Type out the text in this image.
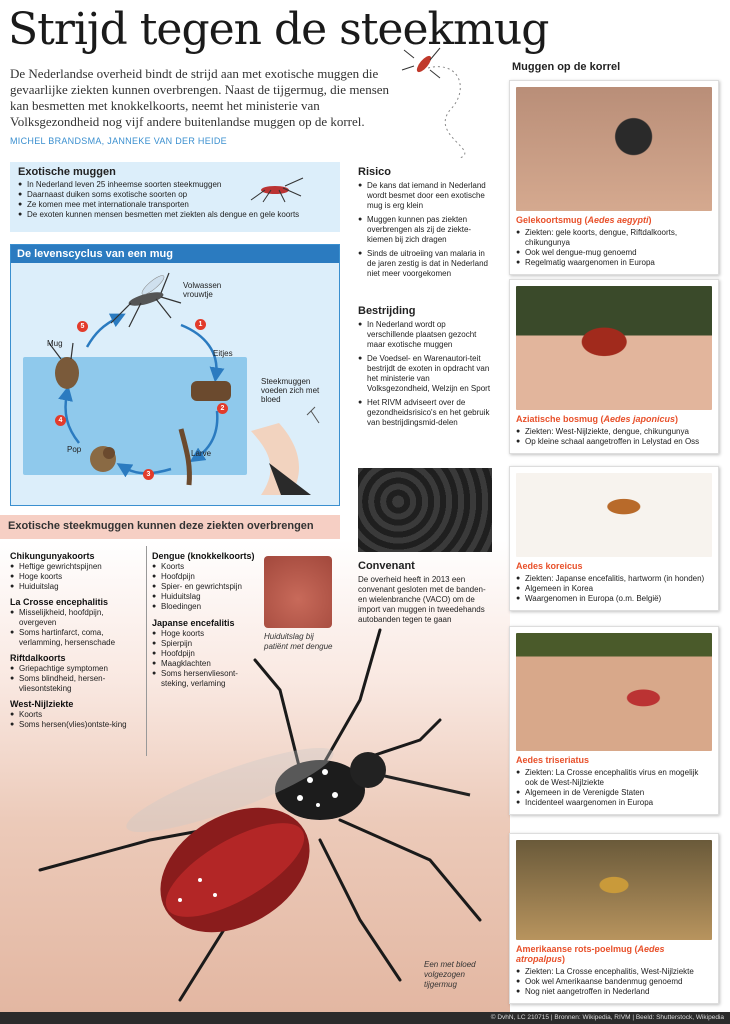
Strijd tegen de steekmug

De Nederlandse overheid bindt de strijd aan met exotische muggen die gevaarlijke ziekten kunnen overbrengen. Naast de tijgermug, die mensen kan besmetten met knokkelkoorts, neemt het ministerie van Volksgezondheid nog vijf andere buitenlandse muggen op de korrel.

MICHEL BRANDSMA, JANNEKE VAN DER HEIDE
Exotische muggen
● In Nederland leven 25 inheemse soorten steekmuggen
● Daarnaast duiken soms exotische soorten op
● Ze komen mee met internationale transporten
● De exoten kunnen mensen besmetten met ziekten als dengue en gele koorts
De levenscyclus van een mug
Volwassen vrouwtje
Eitjes
Larve
Pop
Mug
Steekmuggen voeden zich met bloed
1
2
3
4
5
Exotische steekmuggen kunnen deze ziekten overbrengen
Chikungunyakoorts
● Heftige gewrichtspijnen
● Hoge koorts
● Huiduitslag
La Crosse encephalitis
● Misselijkheid, hoofdpijn, overgeven
● Soms hartinfarct, coma, verlamming, hersenschade
Riftdalkoorts
● Griepachtige symptomen
● Soms blindheid, hersen-vliesontsteking
West-Nijlziekte
● Koorts
● Soms hersen(vlies)ontste-king
Dengue (knokkelkoorts)
● Koorts
● Hoofdpijn
● Spier- en gewrichtspijn
● Huiduitslag
● Bloedingen
Japanse encefalitis
● Hoge koorts
● Spierpijn
● Hoofdpijn
● Maagklachten
● Soms hersenvliesont-steking, verlaming
Huiduitslag bij patiënt met dengue
Risico
● De kans dat iemand in Nederland wordt besmet door een exotische mug is erg klein
● Muggen kunnen pas ziekten overbrengen als zij de ziekte-kiemen bij zich dragen
● Sinds de uitroeiing van malaria in de jaren zestig is dat in Nederland niet meer voorgekomen
Bestrijding
● In Nederland wordt op verschillende plaatsen gezocht maar exotische muggen
● De Voedsel- en Warenautori-teit bestrijdt de exoten in opdracht van het ministerie van Volksgezondheid, Welzijn en Sport
● Het RIVM adviseert over de gezondheidsrisico's en het gebruik van bestrijdingsmid-delen
Convenant

De overheid heeft in 2013 een convenant gesloten met de banden- en wielenbranche (VACO) om de import van muggen in tweedehands autobanden tegen te gaan

Een met bloed volgezogen tijgermug
Muggen op de korrel
Gelekoortsmug (Aedes aegypti)
● Ziekten: gele koorts, dengue, Riftdalkoorts, chikungunya
● Ook wel dengue-mug genoemd
● Regelmatig waargenomen in Europa
Aziatische bosmug (Aedes japonicus)
● Ziekten: West-Nijlziekte, dengue, chikungunya
● Op kleine schaal aangetroffen in Lelystad en Oss
Aedes koreicus
● Ziekten: Japanse encefalitis, hartworm (in honden)
● Algemeen in Korea
● Waargenomen in Europa (o.m. België)
Aedes triseriatus
● Ziekten: La Crosse encephalitis virus en mogelijk ook de West-Nijlziekte
● Algemeen in de Verenigde Staten
● Incidenteel waargenomen in Europa
Amerikaanse rots-poelmug (Aedes atropalpus)
● Ziekten: La Crosse encephalitis, West-Nijlziekte
● Ook wel Amerikaanse bandenmug genoemd
● Nog niet aangetroffen in Nederland
© DvhN, LC 210715 | Bronnen: Wikipedia, RIVM | Beeld: Shutterstock, Wikipedia
